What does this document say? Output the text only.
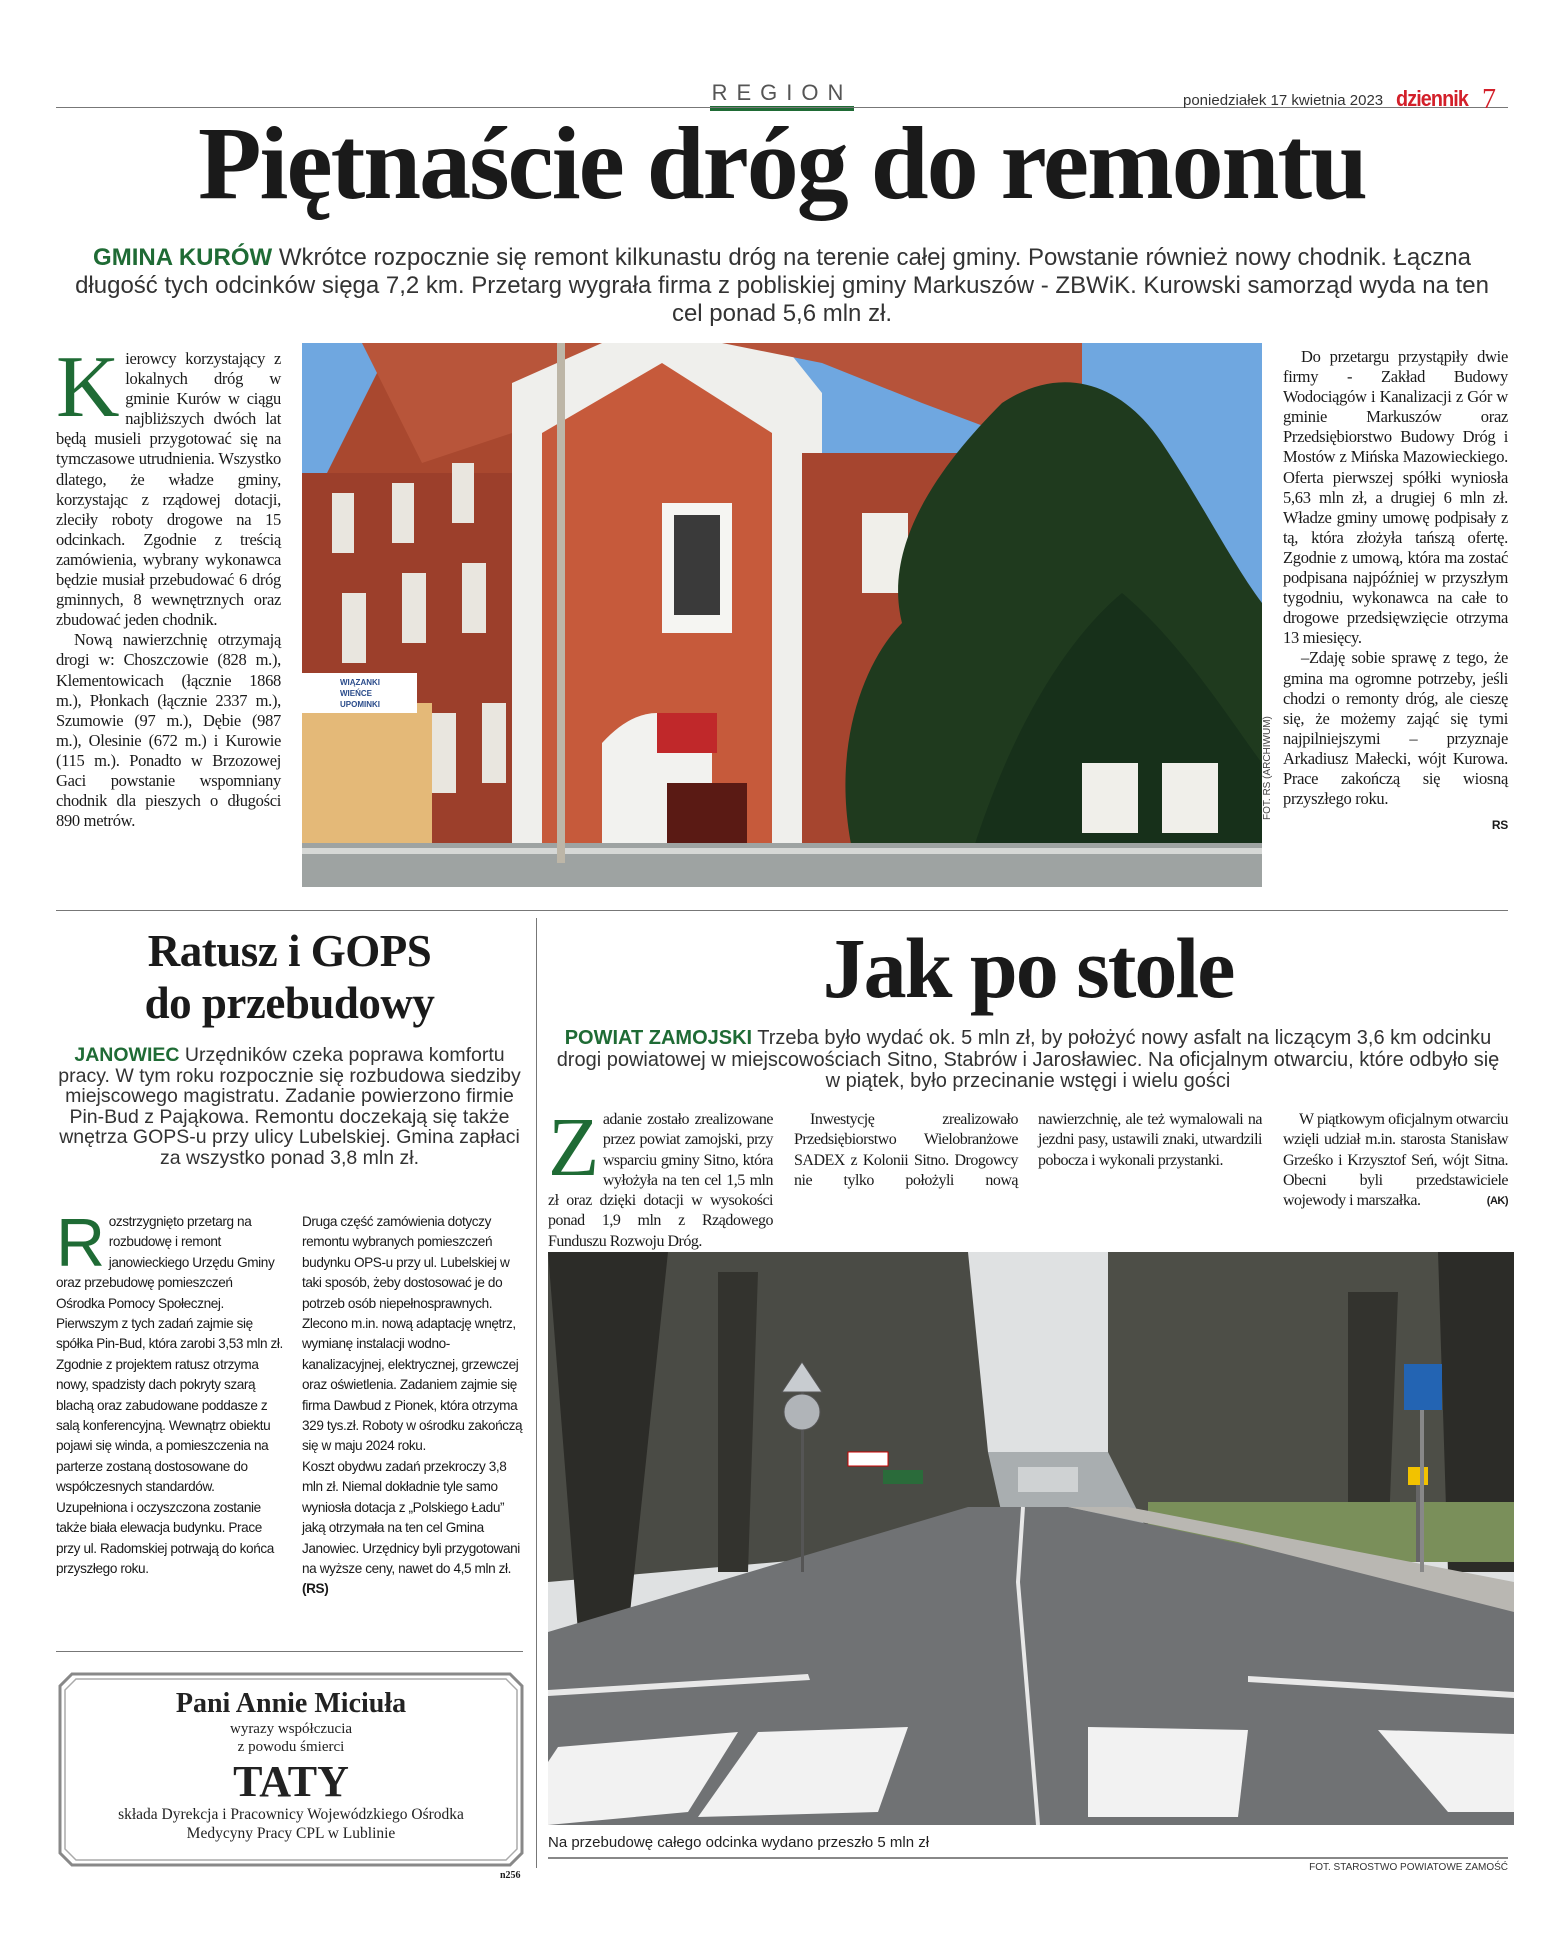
REGION	poniedziałek 17 kwietnia 2023 dziennik 7
Piętnaście dróg do remontu
GMINA KURÓW Wkrótce rozpocznie się remont kilkunastu dróg na terenie całej gminy. Powstanie również nowy chodnik. Łączna długość tych odcinków sięga 7,2 km. Przetarg wygrała firma z pobliskiej gminy Markuszów - ZBWiK. Kurowski samorząd wyda na ten cel ponad 5,6 mln zł.

Kierowcy korzystający z lokalnych dróg w gminie Kurów w ciągu najbliższych dwóch lat będą musieli przygotować się na tymczasowe utrudnienia. Wszystko dlatego, że władze gminy, korzystając z rządowej dotacji, zleciły roboty drogowe na 15 odcinkach. Zgodnie z treścią zamówienia, wybrany wykonawca będzie musiał przebudować 6 dróg gminnych, 8 wewnętrznych oraz zbudować jeden chodnik.

Nową nawierzchnię otrzymają drogi w: Choszczowie (828 m.), Klementowicach (łącznie 1868 m.), Płonkach (łącznie 2337 m.), Szumowie (97 m.), Dębie (987 m.), Olesinie (672 m.) i Kurowie (115 m.). Ponadto w Brzozowej Gaci powstanie wspomniany chodnik dla pieszych o długości 890 metrów.

WIĄZANKI
WIEŃCE
UPOMINKI
FOT. RS (ARCHIWUM)

Do przetargu przystąpiły dwie firmy - Zakład Budowy Wodociągów i Kanalizacji z Gór w gminie Markuszów oraz Przedsiębiorstwo Budowy Dróg i Mostów z Mińska Mazowieckiego. Oferta pierwszej spółki wyniosła 5,63 mln zł, a drugiej 6 mln zł. Władze gminy umowę podpisały z tą, która złożyła tańszą ofertę. Zgodnie z umową, która ma zostać podpisana najpóźniej w przyszłym tygodniu, wykonawca na całe to drogowe przedsięwzięcie otrzyma 13 miesięcy.

–Zdaję sobie sprawę z tego, że gmina ma ogromne potrzeby, jeśli chodzi o remonty dróg, ale cieszę się, że możemy zająć się tymi najpilniejszymi – przyznaje Arkadiusz Małecki, wójt Kurowa. Prace zakończą się wiosną przyszłego roku.

RS
Ratusz i GOPS
do przebudowy
JANOWIEC Urzędników czeka poprawa komfortu pracy. W tym roku rozpocznie się rozbudowa siedziby miejscowego magistratu. Zadanie powierzono firmie Pin-Bud z Pająkowa. Remontu doczekają się także wnętrza GOPS-u przy ulicy Lubelskiej. Gmina zapłaci za wszystko ponad 3,8 mln zł.
Rozstrzygnięto przetarg na rozbudowę i remont janowieckiego Urzędu Gminy oraz przebudowę pomieszczeń Ośrodka Pomocy Społecznej. Pierwszym z tych zadań zajmie się spółka Pin-Bud, która zarobi 3,53 mln zł. Zgodnie z projektem ratusz otrzyma nowy, spadzisty dach pokryty szarą blachą oraz zabudowane poddasze z salą konferencyjną. Wewnątrz obiektu pojawi się winda, a pomieszczenia na parterze zostaną dostosowane do współczesnych standardów. Uzupełniona i oczyszczona zostanie także biała elewacja budynku. Prace przy ul. Radomskiej potrwają do końca przyszłego roku.

Druga część zamówienia dotyczy remontu wybranych pomieszczeń budynku OPS-u przy ul. Lubelskiej w taki sposób, żeby dostosować je do potrzeb osób niepełnosprawnych. Zlecono m.in. nową adaptację wnętrz, wymianę instalacji wodno-kanalizacyjnej, elektrycznej, grzewczej oraz oświetlenia. Zadaniem zajmie się firma Dawbud z Pionek, która otrzyma 329 tys.zł. Roboty w ośrodku zakończą się w maju 2024 roku.

Koszt obydwu zadań przekroczy 3,8 mln zł. Niemal dokładnie tyle samo wyniosła dotacja z „Polskiego Ładu” jaką otrzymała na ten cel Gmina Janowiec. Urzędnicy byli przygotowani na wyższe ceny, nawet do 4,5 mln zł. (RS)

Pani Annie Miciuła
wyrazy współczucia
z powodu śmierci
TATY
składa Dyrekcja i Pracownicy Wojewódzkiego Ośrodka
Medycyny Pracy CPL w Lublinie
n256
Jak po stole
POWIAT ZAMOJSKI Trzeba było wydać ok. 5 mln zł, by położyć nowy asfalt na liczącym 3,6 km odcinku drogi powiatowej w miejscowościach Sitno, Stabrów i Jarosławiec. Na oficjalnym otwarciu, które odbyło się w piątek, było przecinanie wstęgi i wielu gości

Zadanie zostało zrealizowane przez powiat zamojski, przy wsparciu gminy Sitno, która wyłożyła na ten cel 1,5 mln zł oraz dzięki dotacji w wysokości ponad 1,9 mln z Rządowego Funduszu Rozwoju Dróg.

Inwestycję zrealizowało Przedsiębiorstwo Wielobranżowe SADEX z Kolonii Sitno. Drogowcy nie tylko położyli nową nawierzchnię, ale też wymalowali na jezdni pasy, ustawili znaki, utwardzili pobocza i wykonali przystanki.

W piątkowym oficjalnym otwarciu wzięli udział m.in. starosta Stanisław Grześko i Krzysztof Seń, wójt Sitna. Obecni byli przedstawiciele wojewody i marszałka.	(AK)

Na przebudowę całego odcinka wydano przeszło 5 mln zł
FOT. STAROSTWO POWIATOWE ZAMOŚĆ
